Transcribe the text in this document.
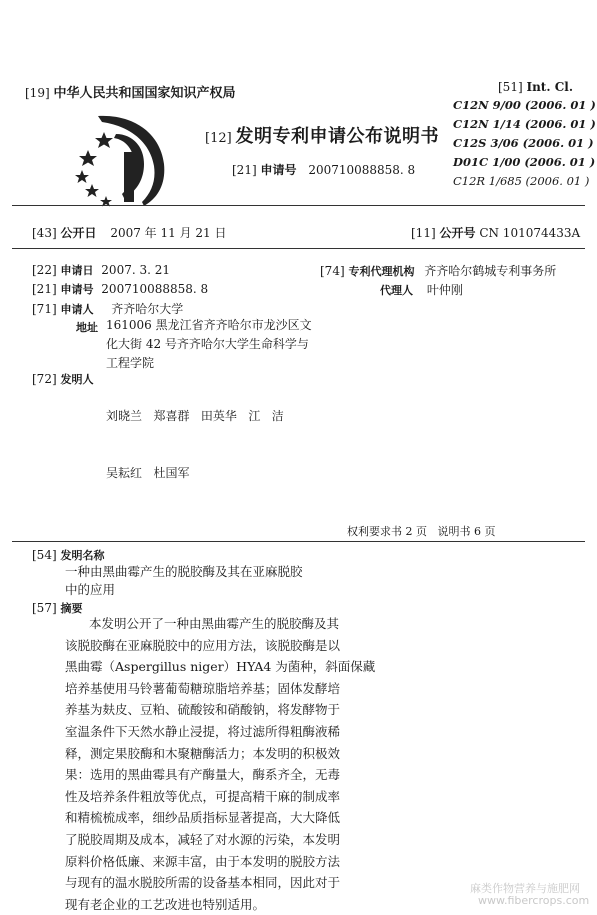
[19] 中华人民共和国国家知识产权局
[12] 发明专利申请公布说明书
[21] 申请号 200710088858. 8
[51] Int. Cl.
C12N 9/00 (2006. 01 )
C12N 1/14 (2006. 01 )
C12S 3/06 (2006. 01 )
D01C 1/00 (2006. 01 )
C12R 1/685 (2006. 01 )
[43] 公开日 2007 年 11 月 21 日	[11] 公开号 CN 101074433A
[22] 申请日 2007. 3. 21
[21] 申请号 200710088858. 8
[71] 申请人 齐齐哈尔大学
地址 161006 黑龙江省齐齐哈尔市龙沙区文
化大街 42 号齐齐哈尔大学生命科学与
工程学院
[72] 发明人

刘晓兰   郑喜群   田英华   江   洁

吴耘红   杜国军

[74] 专利代理机构 齐齐哈尔鹤城专利事务所
代理人 叶仲刚
权利要求书 2 页   说明书 6 页
[54] 发明名称
一种由黑曲霉产生的脱胶酶及其在亚麻脱胶
中的应用
[57] 摘要
本发明公开了一种由黑曲霉产生的脱胶酶及其
该脱胶酶在亚麻脱胶中的应用方法，该脱胶酶是以
黑曲霉（Aspergillus niger）HYA4 为菌种，斜面保藏
培养基使用马铃薯葡萄糖琼脂培养基；固体发酵培
养基为麸皮、豆粕、硫酸铵和硝酸钠，将发酵物于
室温条件下天然水静止浸提，将过滤所得粗酶液稀
释，测定果胶酶和木聚糖酶活力；本发明的积极效
果：选用的黑曲霉具有产酶量大，酶系齐全，无毒
性及培养条件粗放等优点，可提高精干麻的制成率
和精梳梳成率，细纱品质指标显著提高，大大降低
了脱胶周期及成本，减轻了对水源的污染，本发明
原料价格低廉、来源丰富，由于本发明的脱胶方法
与现有的温水脱胶所需的设备基本相同，因此对于
现有老企业的工艺改进也特别适用。
麻类作物营养与施肥网
www.fibercrops.com
